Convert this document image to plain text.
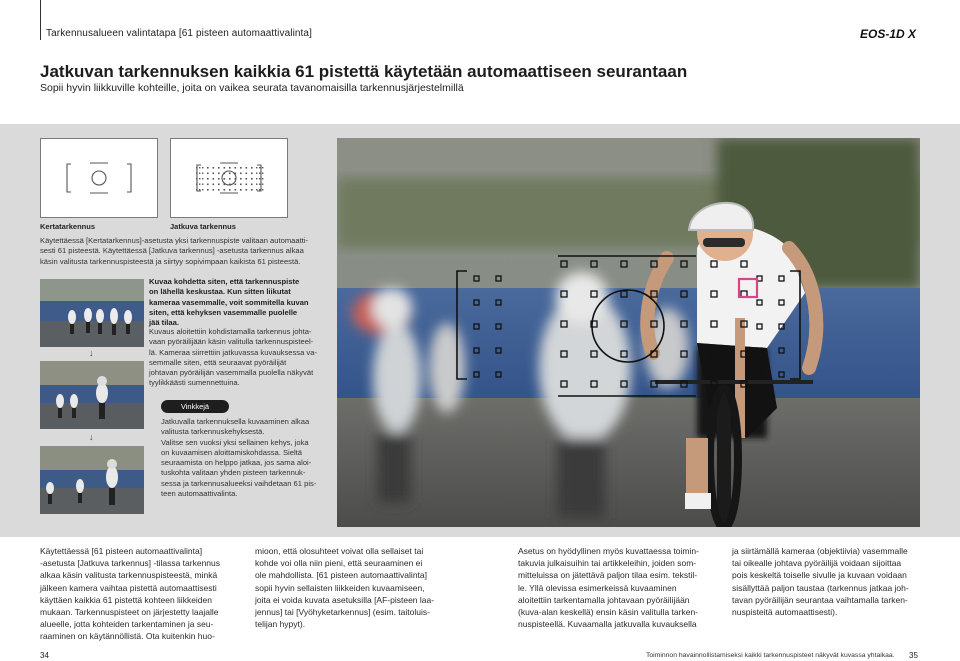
Tarkennusalueen valintatapa [61 pisteen automaattivalinta]	EOS-1D X
Jatkuvan tarkennuksen kaikkia 61 pistettä käytetään automaattiseen seurantaan
Sopii hyvin liikkuville kohteille, joita on vaikea seurata tavanomaisilla tarkennusjärjestelmillä
Kertatarkennus	Jatkuva tarkennus
Käytettäessä [Kertatarkennus]-asetusta yksi tarkennuspiste valitaan automaatti-
sesti 61 pisteestä. Käytettäessä [Jatkuva tarkennus] -asetusta tarkennus alkaa
käsin valitusta tarkennuspisteestä ja siirtyy sopivimpaan kaikista 61 pisteestä.
↓
↓
Kuvaa kohdetta siten, että tarkennuspiste
on lähellä keskustaa. Kun sitten liikutat
kameraa vasemmalle, voit sommitella kuvan
siten, että kehyksen vasemmalle puolelle
jää tilaa.
Kuvaus aloitettiin kohdistamalla tarkennus johta-
vaan pyöräilijään käsin valitulla tarkennuspisteel-
lä. Kameraa siirrettiin jatkuvassa kuvauksessa va-
semmalle siten, että seuraavat pyöräilijät
johtavan pyöräilijän vasemmalla puolella näkyvät
tyylikkäästi sumennettuina.
Vinkkejä
Jatkuvalla tarkennuksella kuvaaminen alkaa
valitusta tarkennuskehyksestä.
Valitse sen vuoksi yksi sellainen kehys, joka
on kuvaamisen aloittamiskohdassa. Sieltä
seuraamista on helppo jatkaa, jos sama aloi-
tuskohta valitaan yhden pisteen tarkennuk-
sessa ja tarkennusalueeksi vaihdetaan 61 pis-
teen automaattivalinta.
Käytettäessä [61 pisteen automaattivalinta]
-asetusta [Jatkuva tarkennus] -tilassa tarkennus
alkaa käsin valitusta tarkennuspisteestä, minkä
jälkeen kamera vaihtaa pistettä automaattisesti
käyttäen kaikkia 61 pistettä kohteen liikkeiden
mukaan. Tarkennuspisteet on järjestetty laajalle
alueelle, jotta kohteiden tarkentaminen ja seu-
raaminen on käytännöllistä. Ota kuitenkin huo-
mioon, että olosuhteet voivat olla sellaiset tai
kohde voi olla niin pieni, että seuraaminen ei
ole mahdollista. [61 pisteen automaattivalinta]
sopii hyvin sellaisten liikkeiden kuvaamiseen,
joita ei voida kuvata asetuksilla [AF-pisteen laa-
jennus] tai [Vyöhyketarkennus] (esim. taitoluis-
telijan hypyt).
Asetus on hyödyllinen myös kuvattaessa toimin-
takuvia julkaisuihin tai artikkeleihin, joiden som-
mitteluissa on jätettävä paljon tilaa esim. tekstil-
le. Yllä olevissa esimerkeissä kuvaaminen
aloitettiin tarkentamalla johtavaan pyöräilijään
(kuva-alan keskellä) ensin käsin valitulla tarken-
nuspisteellä. Kuvaamalla jatkuvalla kuvauksella
ja siirtämällä kameraa (objektiivia) vasemmalle
tai oikealle johtava pyöräilijä voidaan sijoittaa
pois keskeltä toiselle sivulle ja kuvaan voidaan
sisällyttää paljon taustaa (tarkennus jatkaa joh-
tavan pyöräilijän seurantaa vaihtamalla tarken-
nuspisteitä automaattisesti).
34	Toiminnon havainnollistamiseksi kaikki tarkennuspisteet näkyvät kuvassa yhtaikaa. 35
